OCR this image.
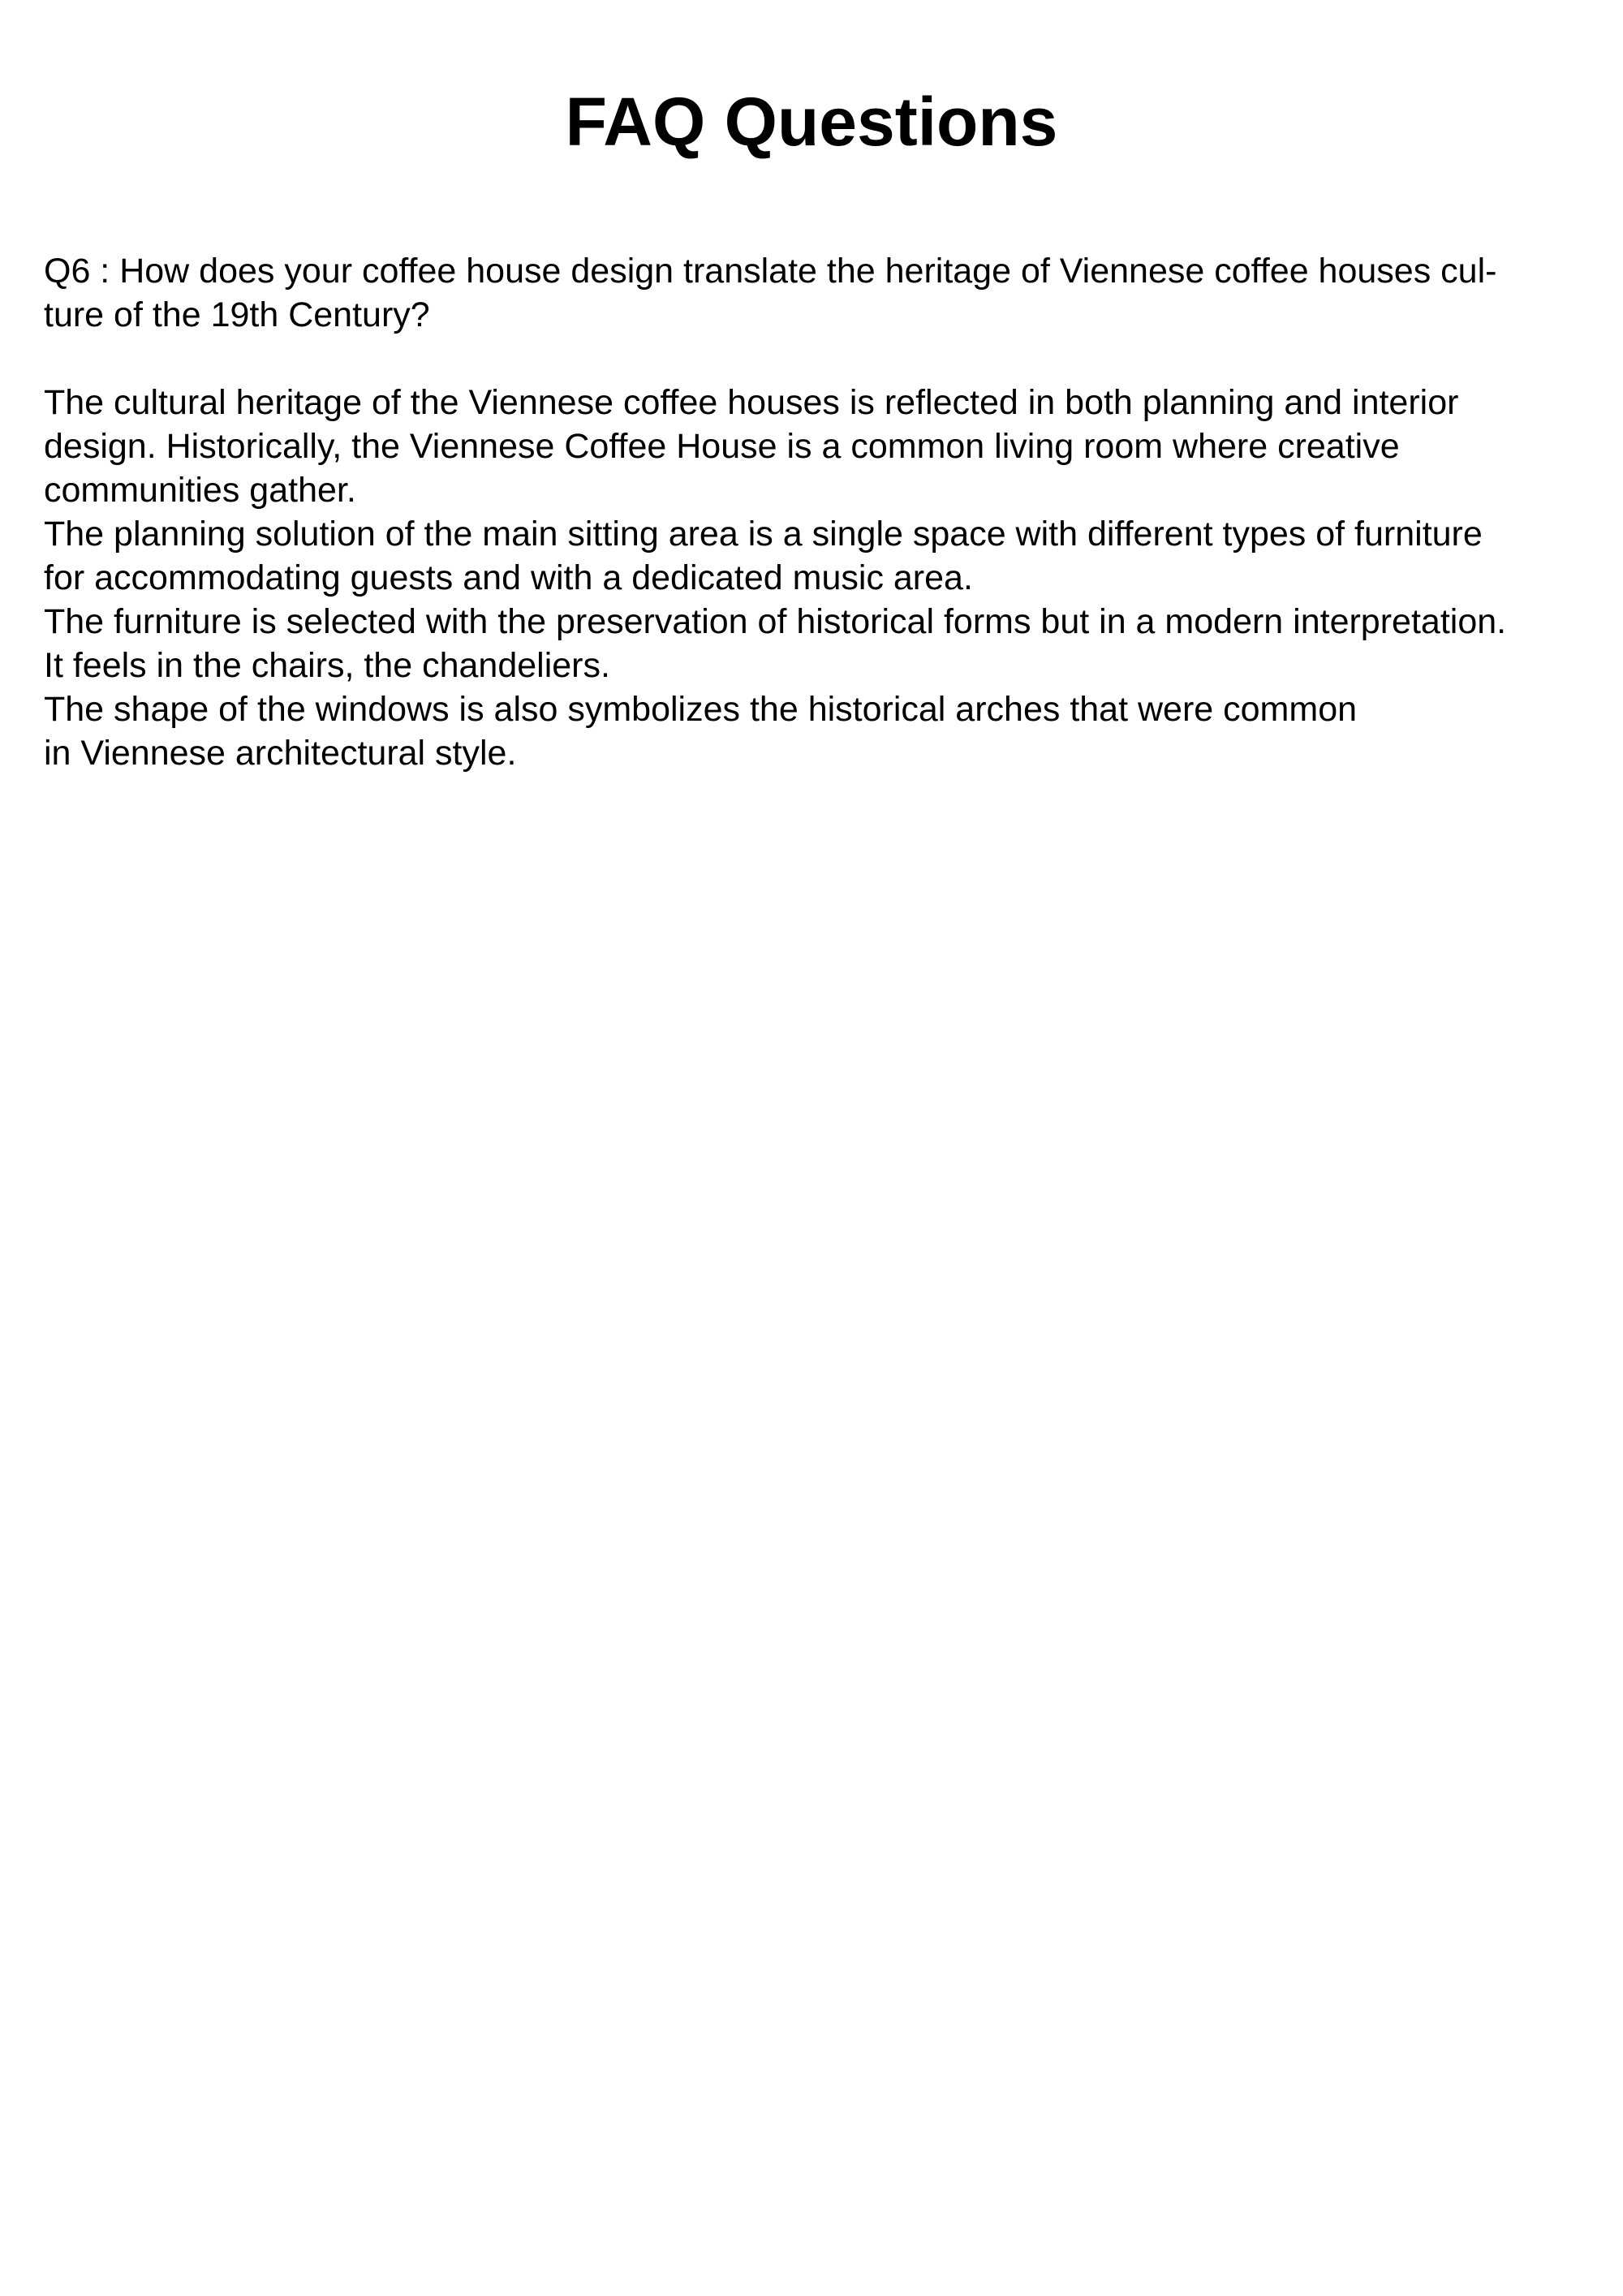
FAQ Questions
Q6 : How does your coffee house design translate the heritage of Viennese coffee houses cul-
ture of the 19th Century?
The cultural heritage of the Viennese coffee houses is reflected in both planning and interior
design. Historically, the Viennese Coffee House is a common living room where creative
communities gather.
The planning solution of the main sitting area is a single space with different types of furniture
for accommodating guests and with a dedicated music area.
The furniture is selected with the preservation of historical forms but in a modern interpretation.
It feels in the chairs, the chandeliers.
The shape of the windows is also symbolizes the historical arches that were common
in Viennese architectural style.
